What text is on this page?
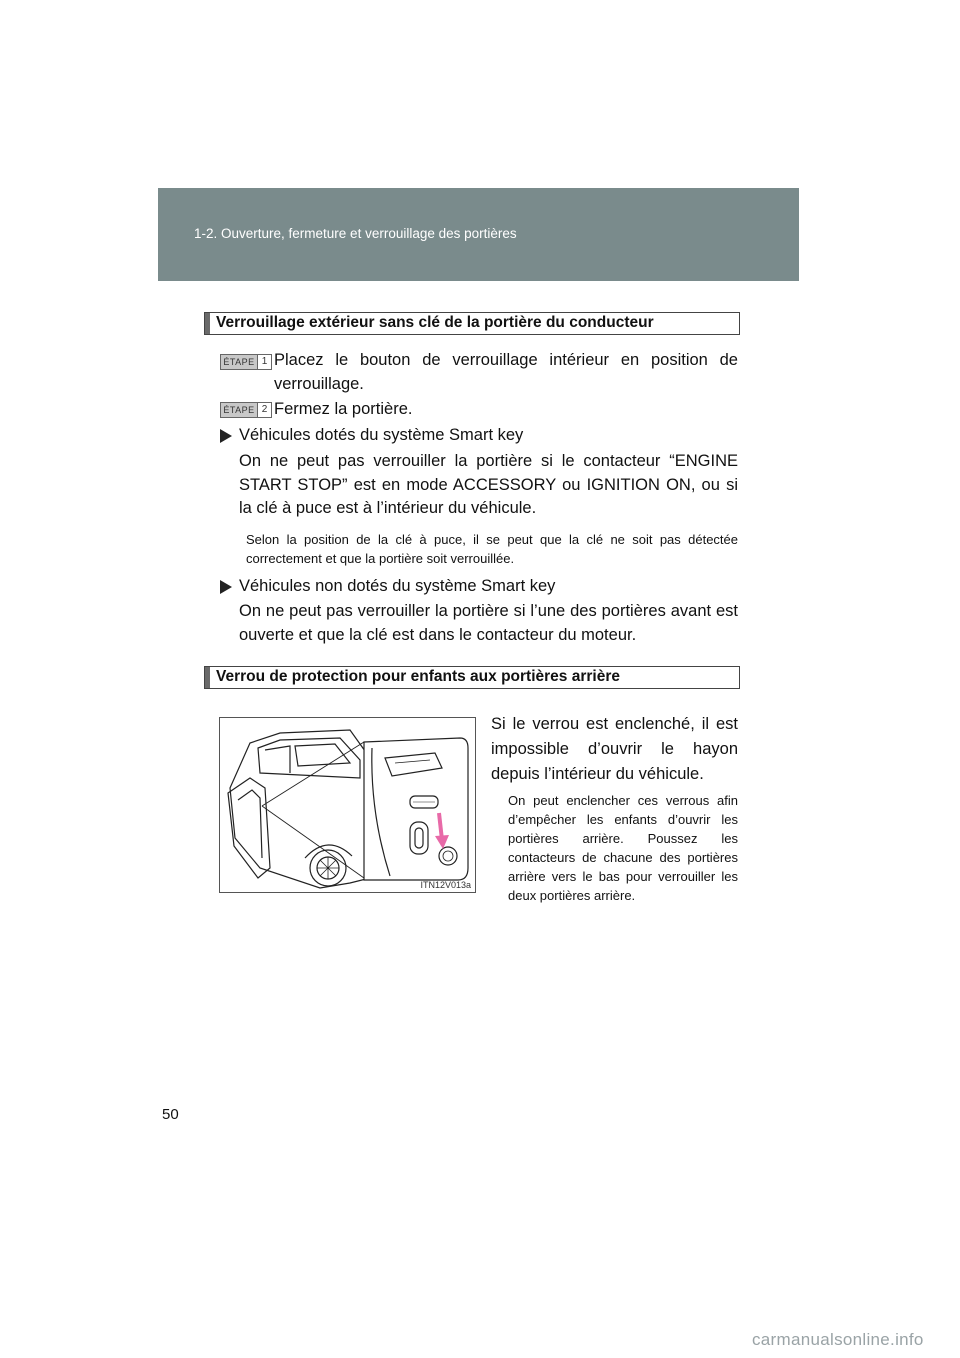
1-2. Ouverture, fermeture et verrouillage des portières
Verrouillage extérieur sans clé de la portière du conducteur
ÉTAPE 1 Placez le bouton de verrouillage intérieur en position de verrouillage.
ÉTAPE 2 Fermez la portière.
Véhicules dotés du système Smart key
On ne peut pas verrouiller la portière si le contacteur “ENGINE START STOP” est en mode ACCESSORY ou IGNITION ON, ou si la clé à puce est à l’intérieur du véhicule.
Selon la position de la clé à puce, il se peut que la clé ne soit pas détectée correctement et que la portière soit verrouillée.
Véhicules non dotés du système Smart key
On ne peut pas verrouiller la portière si l’une des portières avant est ouverte et que la clé est dans le contacteur du moteur.
Verrou de protection pour enfants aux portières arrière
ITN12V013a
Si le verrou est enclenché, il est impossible d’ouvrir le hayon depuis l’intérieur du véhicule.
On peut enclencher ces verrous afin d’empêcher les enfants d’ouvrir les portières arrière. Poussez les contacteurs de chacune des portières arrière vers le bas pour verrouiller les deux portières arrière.
50
carmanualsonline.info
